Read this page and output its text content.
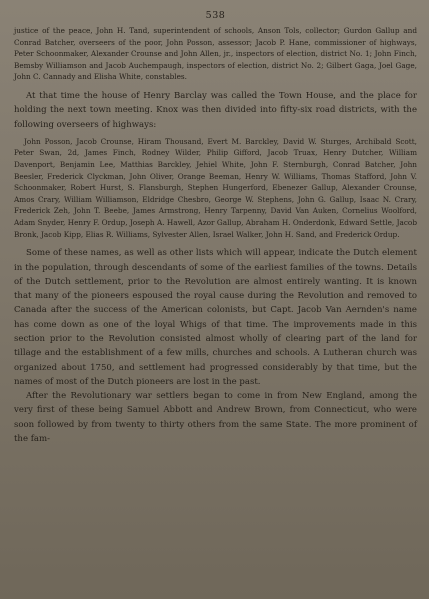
538

justice of the peace, John H. Tand, superintendent of schools, Anson Tols, collector; Gurdon Gallup and Conrad Batcher, overseers of the poor, John Posson, assessor; Jacob P. Hane, commissioner of highways, Peter Schoonmaker, Alexander Crounse and John Allen, jr., inspectors of election, district No. 1; John Finch, Bemsby Williamson and Jacob Auchempaugh, inspectors of election, district No. 2; Gilbert Gaga, Joel Gage, John C. Cannady and Elisha White, constables.

At that time the house of Henry Barclay was called the Town House, and the place for holding the next town meeting. Knox was then divided into fifty-six road districts, with the following overseers of highways:

John Posson, Jacob Crounse, Hiram Thousand, Evert M. Barckley, David W. Sturges, Archibald Scott, Peter Swan, 2d, James Finch, Rodney Wilder, Philip Gifford, Jacob Truax, Henry Dutcher, William Davenport, Benjamin Lee, Matthias Barckley, Jehiel White, John F. Sternburgh, Conrad Batcher, John Beesler, Frederick Clyckman, John Oliver, Orange Beeman, Henry W. Williams, Thomas Stafford, John V. Schoonmaker, Robert Hurst, S. Flansburgh, Stephen Hungerford, Ebenezer Gallup, Alexander Crounse, Amos Crary, William Williamson, Eldridge Chesbro, George W. Stephens, John G. Gallup, Isaac N. Crary, Frederick Zeh, John T. Beebe, James Armstrong, Henry Tarpenny, David Van Auken, Cornelius Woolford, Adam Snyder, Henry F. Ordup, Joseph A. Hawell, Azor Gallup, Abraham H. Onderdonk, Edward Settle, Jacob Bronk, Jacob Kipp, Elias R. Williams, Sylvester Allen, Israel Walker, John H. Sand, and Frederick Ordup.

Some of these names, as well as other lists which will appear, indicate the Dutch element in the population, through descendants of some of the earliest families of the towns. Details of the Dutch settlement, prior to the Revolution are almost entirely wanting. It is known that many of the pioneers espoused the royal cause during the Revolution and removed to Canada after the success of the American colonists, but Capt. Jacob Van Aernden's name has come down as one of the loyal Whigs of that time. The improvements made in this section prior to the Revolution consisted almost wholly of clearing part of the land for tillage and the establishment of a few mills, churches and schools. A Lutheran church was organized about 1750, and settlement had progressed considerably by that time, but the names of most of the Dutch pioneers are lost in the past.

After the Revolutionary war settlers began to come in from New England, among the very first of these being Samuel Abbott and Andrew Brown, from Connecticut, who were soon followed by from twenty to thirty others from the same State. The more prominent of the fam-
